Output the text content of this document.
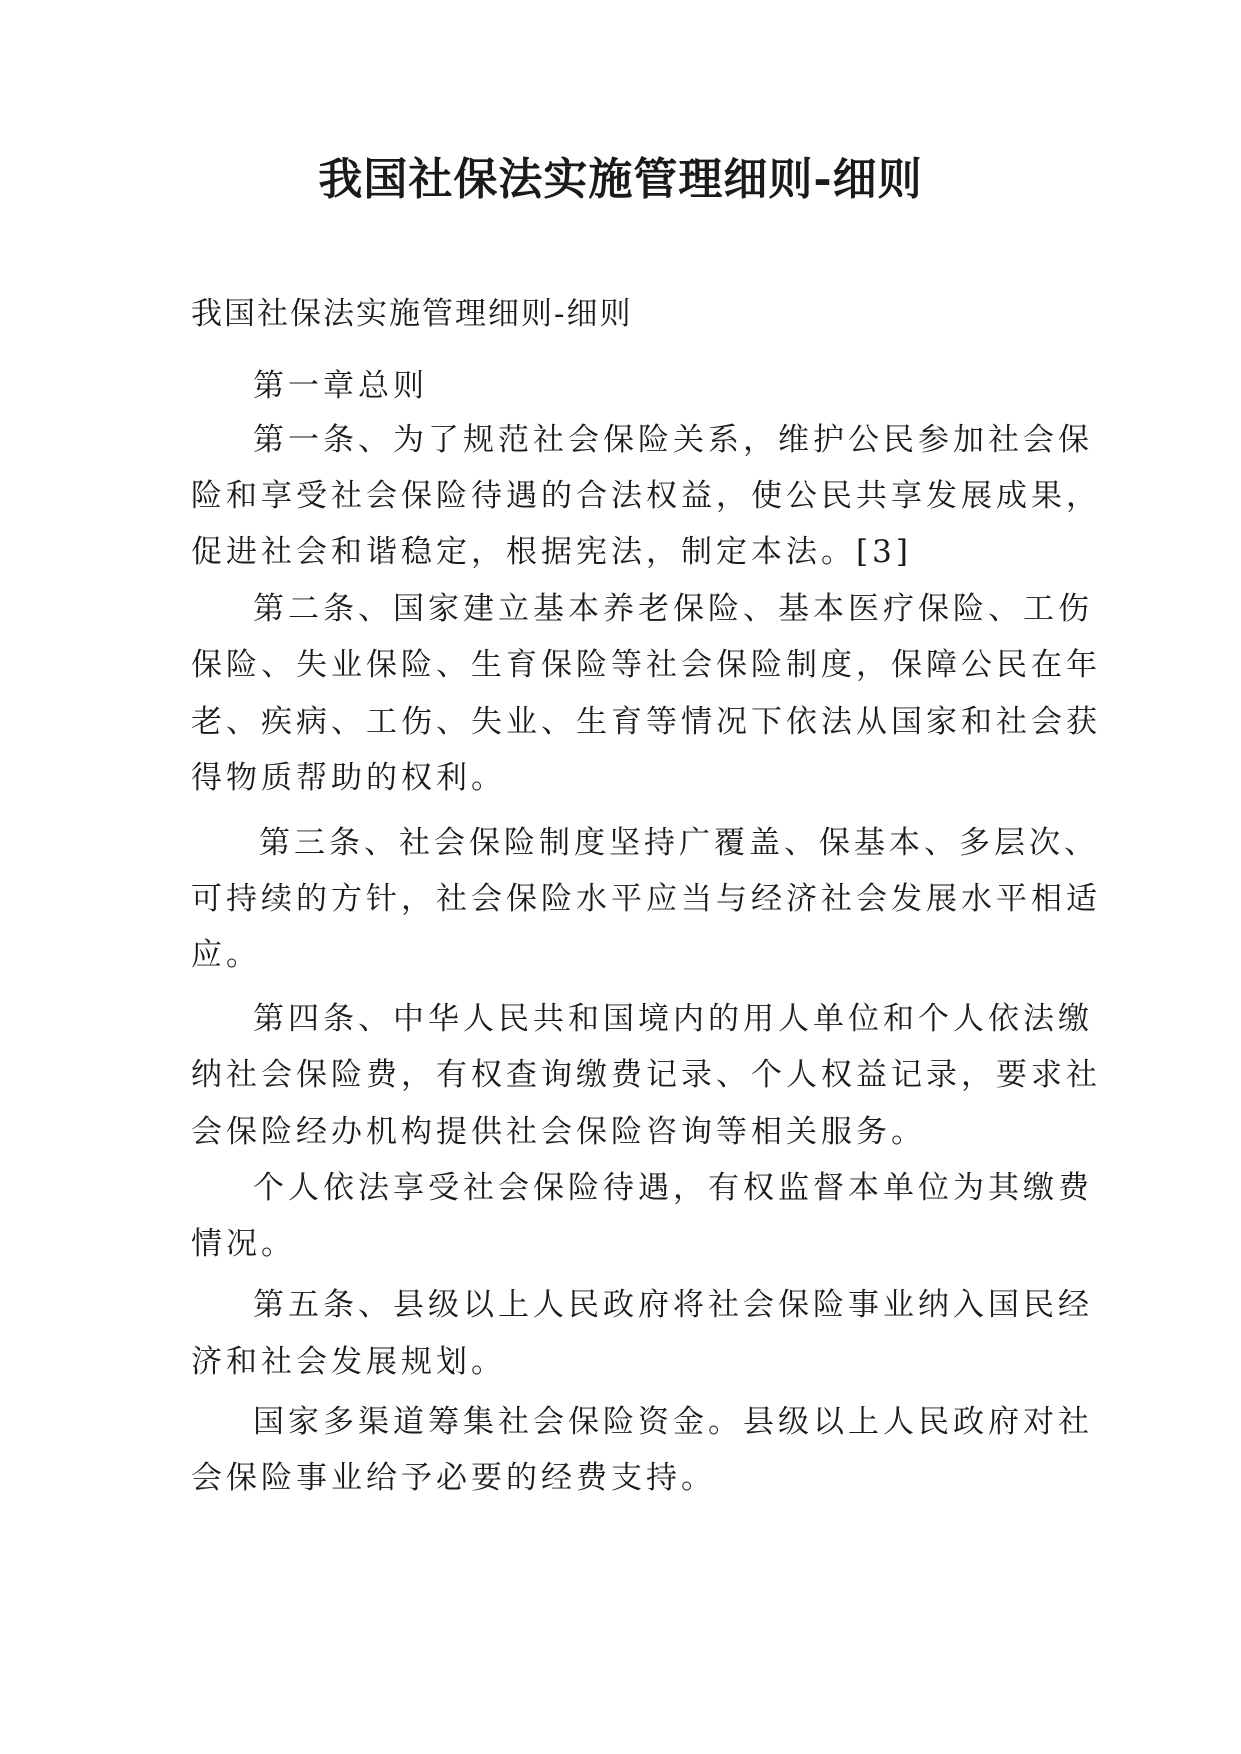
我国社保法实施管理细则-细则
我国社保法实施管理细则-细则
第一章总则
第一条、为了规范社会保险关系，维护公民参加社会保
险和享受社会保险待遇的合法权益，使公民共享发展成果，
促进社会和谐稳定，根据宪法，制定本法。[3]
第二条、国家建立基本养老保险、基本医疗保险、工伤
保险、失业保险、生育保险等社会保险制度，保障公民在年
老、疾病、工伤、失业、生育等情况下依法从国家和社会获
得物质帮助的权利。
第三条、社会保险制度坚持广覆盖、保基本、多层次、
可持续的方针，社会保险水平应当与经济社会发展水平相适
应。
第四条、中华人民共和国境内的用人单位和个人依法缴
纳社会保险费，有权查询缴费记录、个人权益记录，要求社
会保险经办机构提供社会保险咨询等相关服务。
个人依法享受社会保险待遇，有权监督本单位为其缴费
情况。
第五条、县级以上人民政府将社会保险事业纳入国民经
济和社会发展规划。
国家多渠道筹集社会保险资金。县级以上人民政府对社
会保险事业给予必要的经费支持。
